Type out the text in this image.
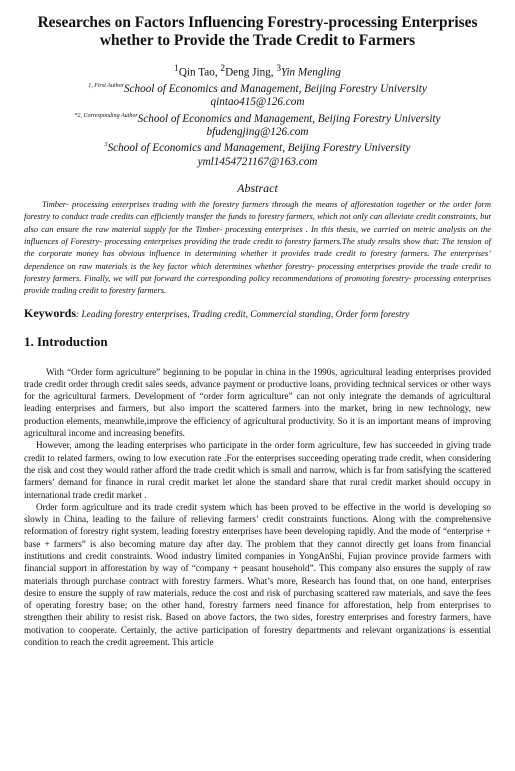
Researches on Factors Influencing Forestry-processing Enterprises whether to Provide the Trade Credit to Farmers

$^1$Qin Tao, $^2$Deng Jing, $^3$Yin Mengling

$^{1, First Author}$School of Economics and Management, Beijing Forestry University

qintao415@126.com

$^{*2, Corresponding Author}$School of Economics and Management, Beijing Forestry University

bfudengjing@126.com

$^3$School of Economics and Management, Beijing Forestry University

yml1454721167@163.com

Abstract

Timber- processing enterprises trading with the forestry farmers through the means of afforestation together or the order form forestry to conduct trade credits can efficiently transfer the funds to forestry farmers, which not only can alleviate credit constraints, but also can ensure the raw material supply for the Timber- processing enterprises . In this thesis, we carried on metric analysis on the influences of Forestry- processing enterprises providing the trade credit to forestry farmers.The study results show that: The tension of the corporate money has obvious influence in determining whether it provides trade credit to forestry farmers. The enterprises’ dependence on raw materials is the key factor which determines whether forestry- processing enterprises provide the trade credit to forestry farmers. Finally, we will put forward the corresponding policy recommendations of promoting forestry- processing enterprises provide trading credit to forestry farmers.

Keywords: Leading forestry enterprises, Trading credit, Commercial standing, Order form forestry

1. Introduction

With “Order form agriculture” beginning to be popular in china in the 1990s, agricultural leading enterprises provided trade credit order through credit sales seeds, advance payment or productive loans, providing technical services or other ways for the agricultural farmers. Development of “order form agriculture” can not only integrate the demands of agricultural leading enterprises and farmers, but also import the scattered farmers into the market, bring in new technology, new production elements, meanwhile,improve the efficiency of agricultural productivity. So it is an important means of improving agricultural income and increasing benefits.

However, among the leading enterprises who participate in the order form agriculture, few has succeeded in giving trade credit to related farmers, owing to low execution rate .For the enterprises succeeding operating trade credit, when considering the risk and cost they would rather afford the trade credit which is small and narrow, which is far from satisfying the scattered farmers’ demand for finance in rural credit market let alone the standard share that rural credit market should occupy in international trade credit market .

Order form agriculture and its trade credit system which has been proved to be effective in the world is developing so slowly in China, leading to the failure of relieving farmers’ credit constraints functions. Along with the comprehensive reformation of forestry right system, leading forestry enterprises have been developing rapidly. And the mode of “enterprise + base + farmers” is also becoming mature day after day. The problem that they cannot directly get loans from financial institutions and credit constraints. Wood industry limited companies in YongAnShi, Fujian province provide farmers with financial support in afforestation by way of “company + peasant household”. This company also ensures the supply of raw materials through purchase contract with forestry farmers. What’s more, Research has found that, on one hand, enterprises desire to ensure the supply of raw materials, reduce the cost and risk of purchasing scattered raw materials, and save the fees of operating forestry base; on the other hand, forestry farmers need finance for afforestation, help from enterprises to strengthen their ability to resist risk. Based on above factors, the two sides, forestry enterprises and forestry farmers, have motivation to cooperate. Certainly, the active participation of forestry departments and relevant organizations is essential condition to reach the credit agreement. This article
